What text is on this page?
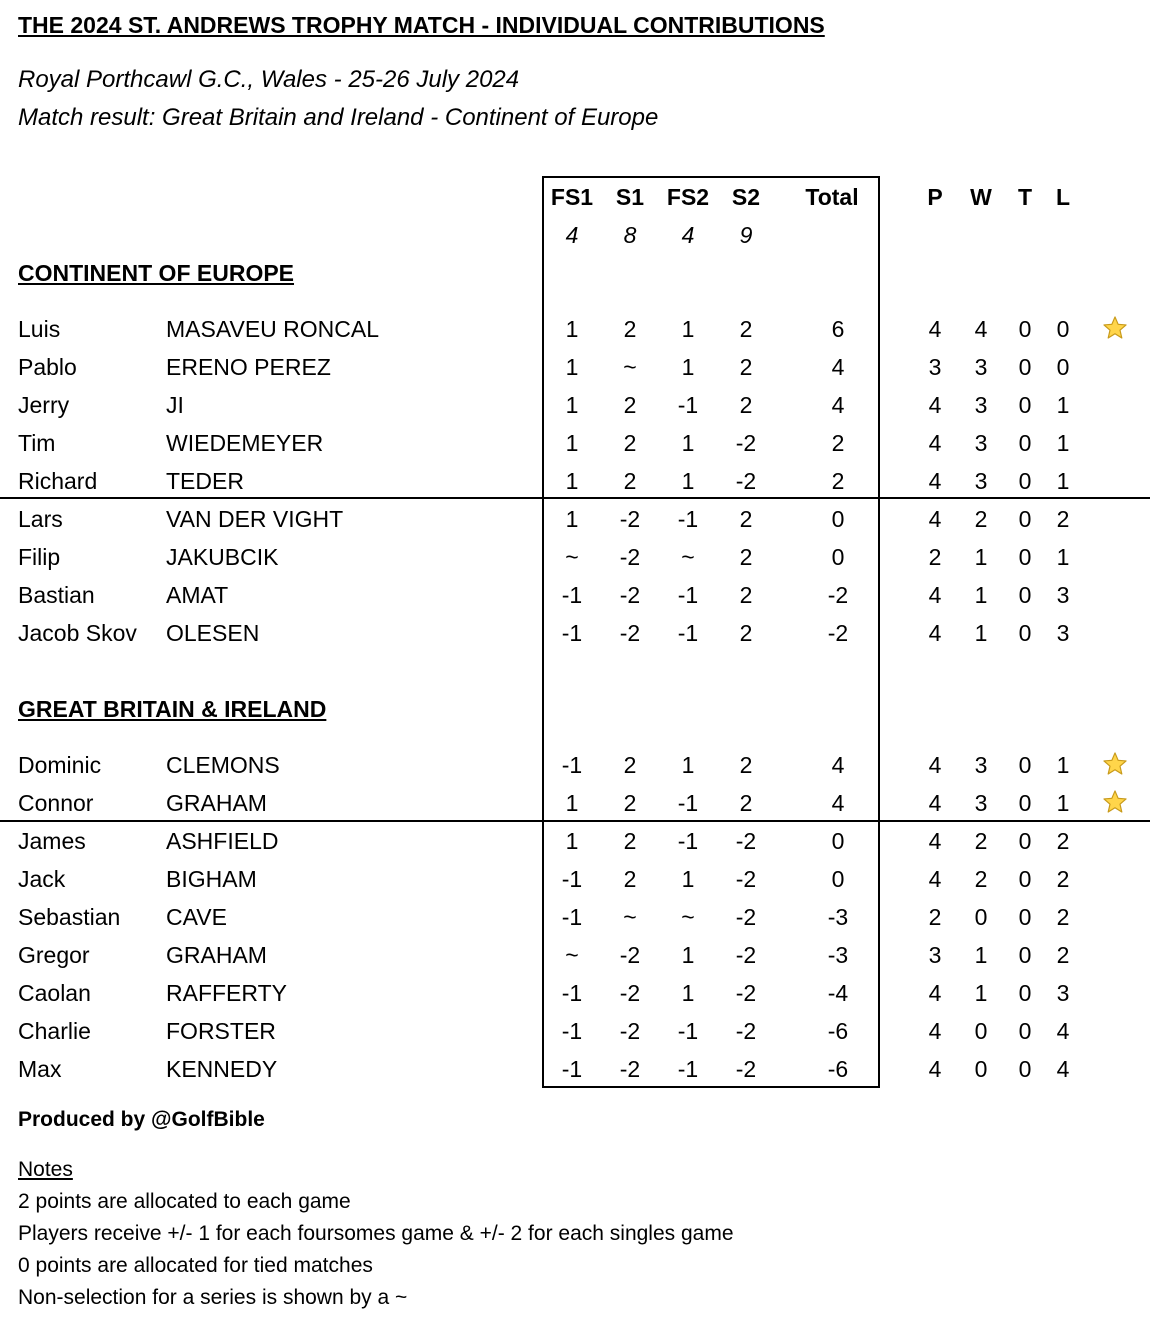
THE 2024 ST. ANDREWS TROPHY MATCH - INDIVIDUAL CONTRIBUTIONS
Royal Porthcawl G.C., Wales - 25-26 July 2024
Match result: Great Britain and Ireland - Continent of Europe
FS1 S1 FS2 S2	Total	P	W	T	L
4	8	4	9
CONTINENT OF EUROPE
GREAT BRITAIN & IRELAND
Luis	MASAVEU RONCAL	1	2	1	2	6	4	4	0	0
Pablo	ERENO PEREZ	1	~	1	2	4	3	3	0	0
Jerry	JI	1	2	-1	2	4	4	3	0	1
Tim	WIEDEMEYER	1	2	1	-2	2	4	3	0	1
Richard	TEDER	1	2	1	-2	2	4	3	0	1
Lars	VAN DER VIGHT	1	-2	-1	2	0	4	2	0	2
Filip	JAKUBCIK	~	-2	~	2	0	2	1	0	1
Bastian	AMAT	-1	-2	-1	2	-2	4	1	0	3
Jacob Skov OLESEN	-1	-2	-1	2	-2	4	1	0	3
Dominic	CLEMONS	-1	2	1	2	4	4	3	0	1
Connor	GRAHAM	1	2	-1	2	4	4	3	0	1
James	ASHFIELD	1	2	-1	-2	0	4	2	0	2
Jack	BIGHAM	-1	2	1	-2	0	4	2	0	2
Sebastian CAVE	-1	~	~	-2	-3	2	0	0	2
Gregor	GRAHAM	~	-2	1	-2	-3	3	1	0	2
Caolan	RAFFERTY	-1	-2	1	-2	-4	4	1	0	3
Charlie	FORSTER	-1	-2	-1	-2	-6	4	0	0	4
Max	KENNEDY	-1	-2	-1	-2	-6	4	0	0	4
Produced by @GolfBible
Notes
2 points are allocated to each game
Players receive +/- 1 for each foursomes game & +/- 2 for each singles game
0 points are allocated for tied matches
Non-selection for a series is shown by a ~
